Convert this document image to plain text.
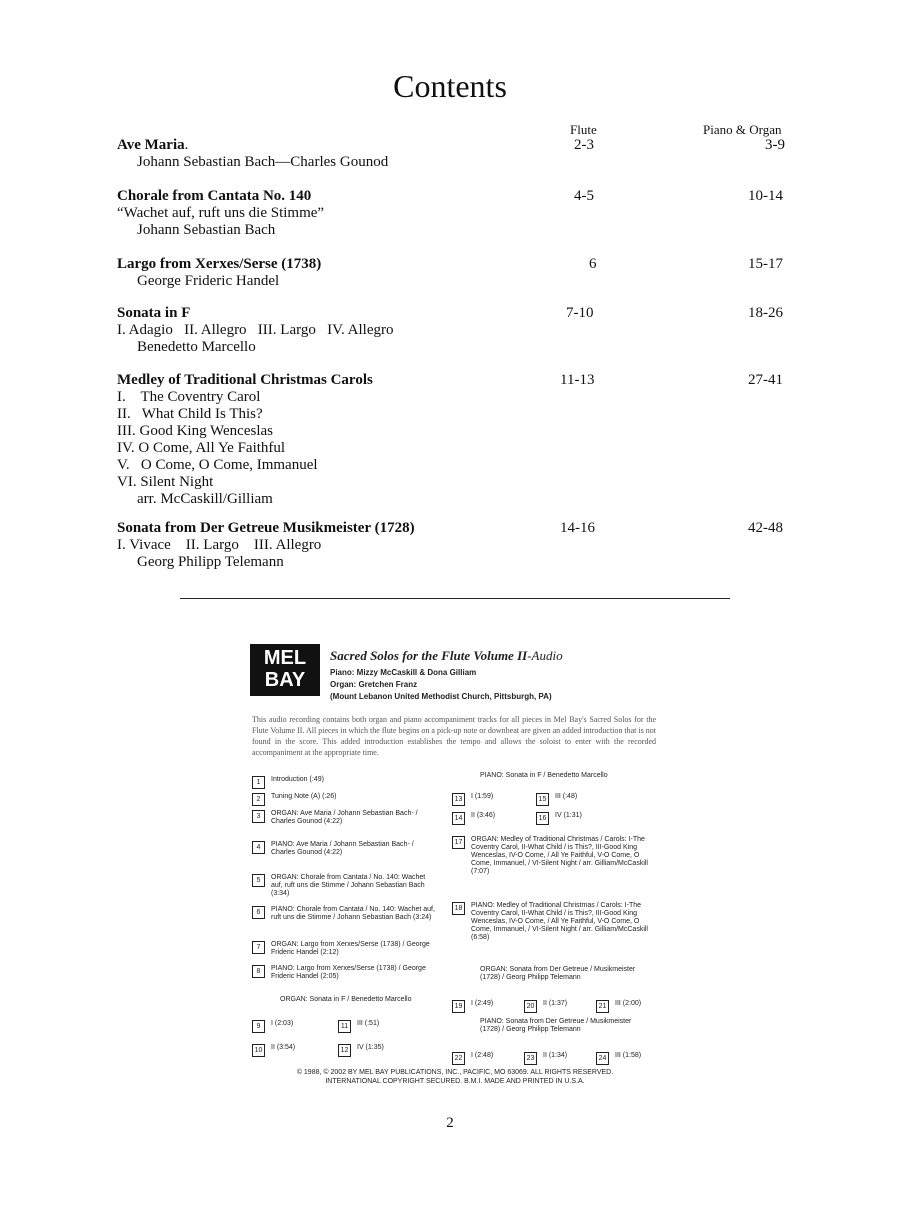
Contents
Flute	Piano & Organ
Ave Maria.
Johann Sebastian Bach—Charles Gounod
2-3	3-9
Chorale from Cantata No. 140
“Wachet auf, ruft uns die Stimme”
Johann Sebastian Bach
4-5	10-14
Largo from Xerxes/Serse (1738)
George Frideric Handel
6	15-17
Sonata in F
I. Adagio   II. Allegro   III. Largo   IV. Allegro
Benedetto Marcello
7-10	18-26
Medley of Traditional Christmas Carols
I.    The Coventry Carol
II.   What Child Is This?
III. Good King Wenceslas
IV. O Come, All Ye Faithful
V.   O Come, O Come, Immanuel
VI. Silent Night
arr. McCaskill/Gilliam
11-13	27-41
Sonata from Der Getreue Musikmeister (1728)
I. Vivace    II. Largo    III. Allegro
Georg Philipp Telemann
14-16	42-48
MEL
BAY
Sacred Solos for the Flute Volume II-Audio
Piano: Mizzy McCaskill & Dona Gilliam
Organ: Gretchen Franz
(Mount Lebanon United Methodist Church, Pittsburgh, PA)
This audio recording contains both organ and piano accompaniment tracks for all pieces in Mel Bay's Sacred Solos for the Flute Volume II. All pieces in which the flute begins on a pick-up note or downbeat are given an added introduction that is not found in the score. This added introduction establishes the tempo and allows the soloist to enter with the recorded accompaniment at the appropriate time.
1 Introduction (:49)
2 Tuning Note (A) (:26)
3 ORGAN: Ave Maria / Johann Sebastian Bach- / Charles Gounod (4:22)
4 PIANO: Ave Maria / Johann Sebastian Bach- / Charles Gounod (4:22)
5 ORGAN: Chorale from Cantata / No. 140: Wachet auf, ruft uns die Stimme / Johann Sebastian Bach (3:34)
6 PIANO: Chorale from Cantata / No. 140: Wachet auf, ruft uns die Stimme / Johann Sebastian Bach (3:24)
7 ORGAN: Largo from Xerxes/Serse (1738) / George Frideric Handel (2:12)
8 PIANO: Largo from Xerxes/Serse (1738) / George Frideric Handel (2:05)
ORGAN: Sonata in F / Benedetto Marcello
9 I (2:03)	11 III (:51)
10 II (3:54)	12 IV (1:35)
PIANO: Sonata in F / Benedetto Marcello
13 I (1:59)	15 III (:48)
14 II (3:46)	16 IV (1:31)
17 ORGAN: Medley of Traditional Christmas / Carols: I-The Coventry Carol, II-What Child / is This?, III-Good King Wenceslas, IV-O Come, / All Ye Faithful, V-O Come, O Come, Immanuel, / VI-Silent Night / arr. Gilliam/McCaskill (7:07)
18 PIANO: Medley of Traditional Christmas / Carols: I-The Coventry Carol, II-What Child / is This?, III-Good King Wenceslas, IV-O Come, / All Ye Faithful, V-O Come, O Come, Immanuel, / VI-Silent Night / arr. Gilliam/McCaskill (6:58)
ORGAN: Sonata from Der Getreue / Musikmeister (1728) / Georg Philipp Telemann
19 I (2:49)	20 II (1:37)	21 III (2:00)
PIANO: Sonata from Der Getreue / Musikmeister (1728) / Georg Philipp Telemann
22 I (2:48)	23 II (1:34)	24 III (1:58)
© 1988, © 2002 BY MEL BAY PUBLICATIONS, INC., PACIFIC, MO 63069. ALL RIGHTS RESERVED.
INTERNATIONAL COPYRIGHT SECURED. B.M.I. MADE AND PRINTED IN U.S.A.
2
